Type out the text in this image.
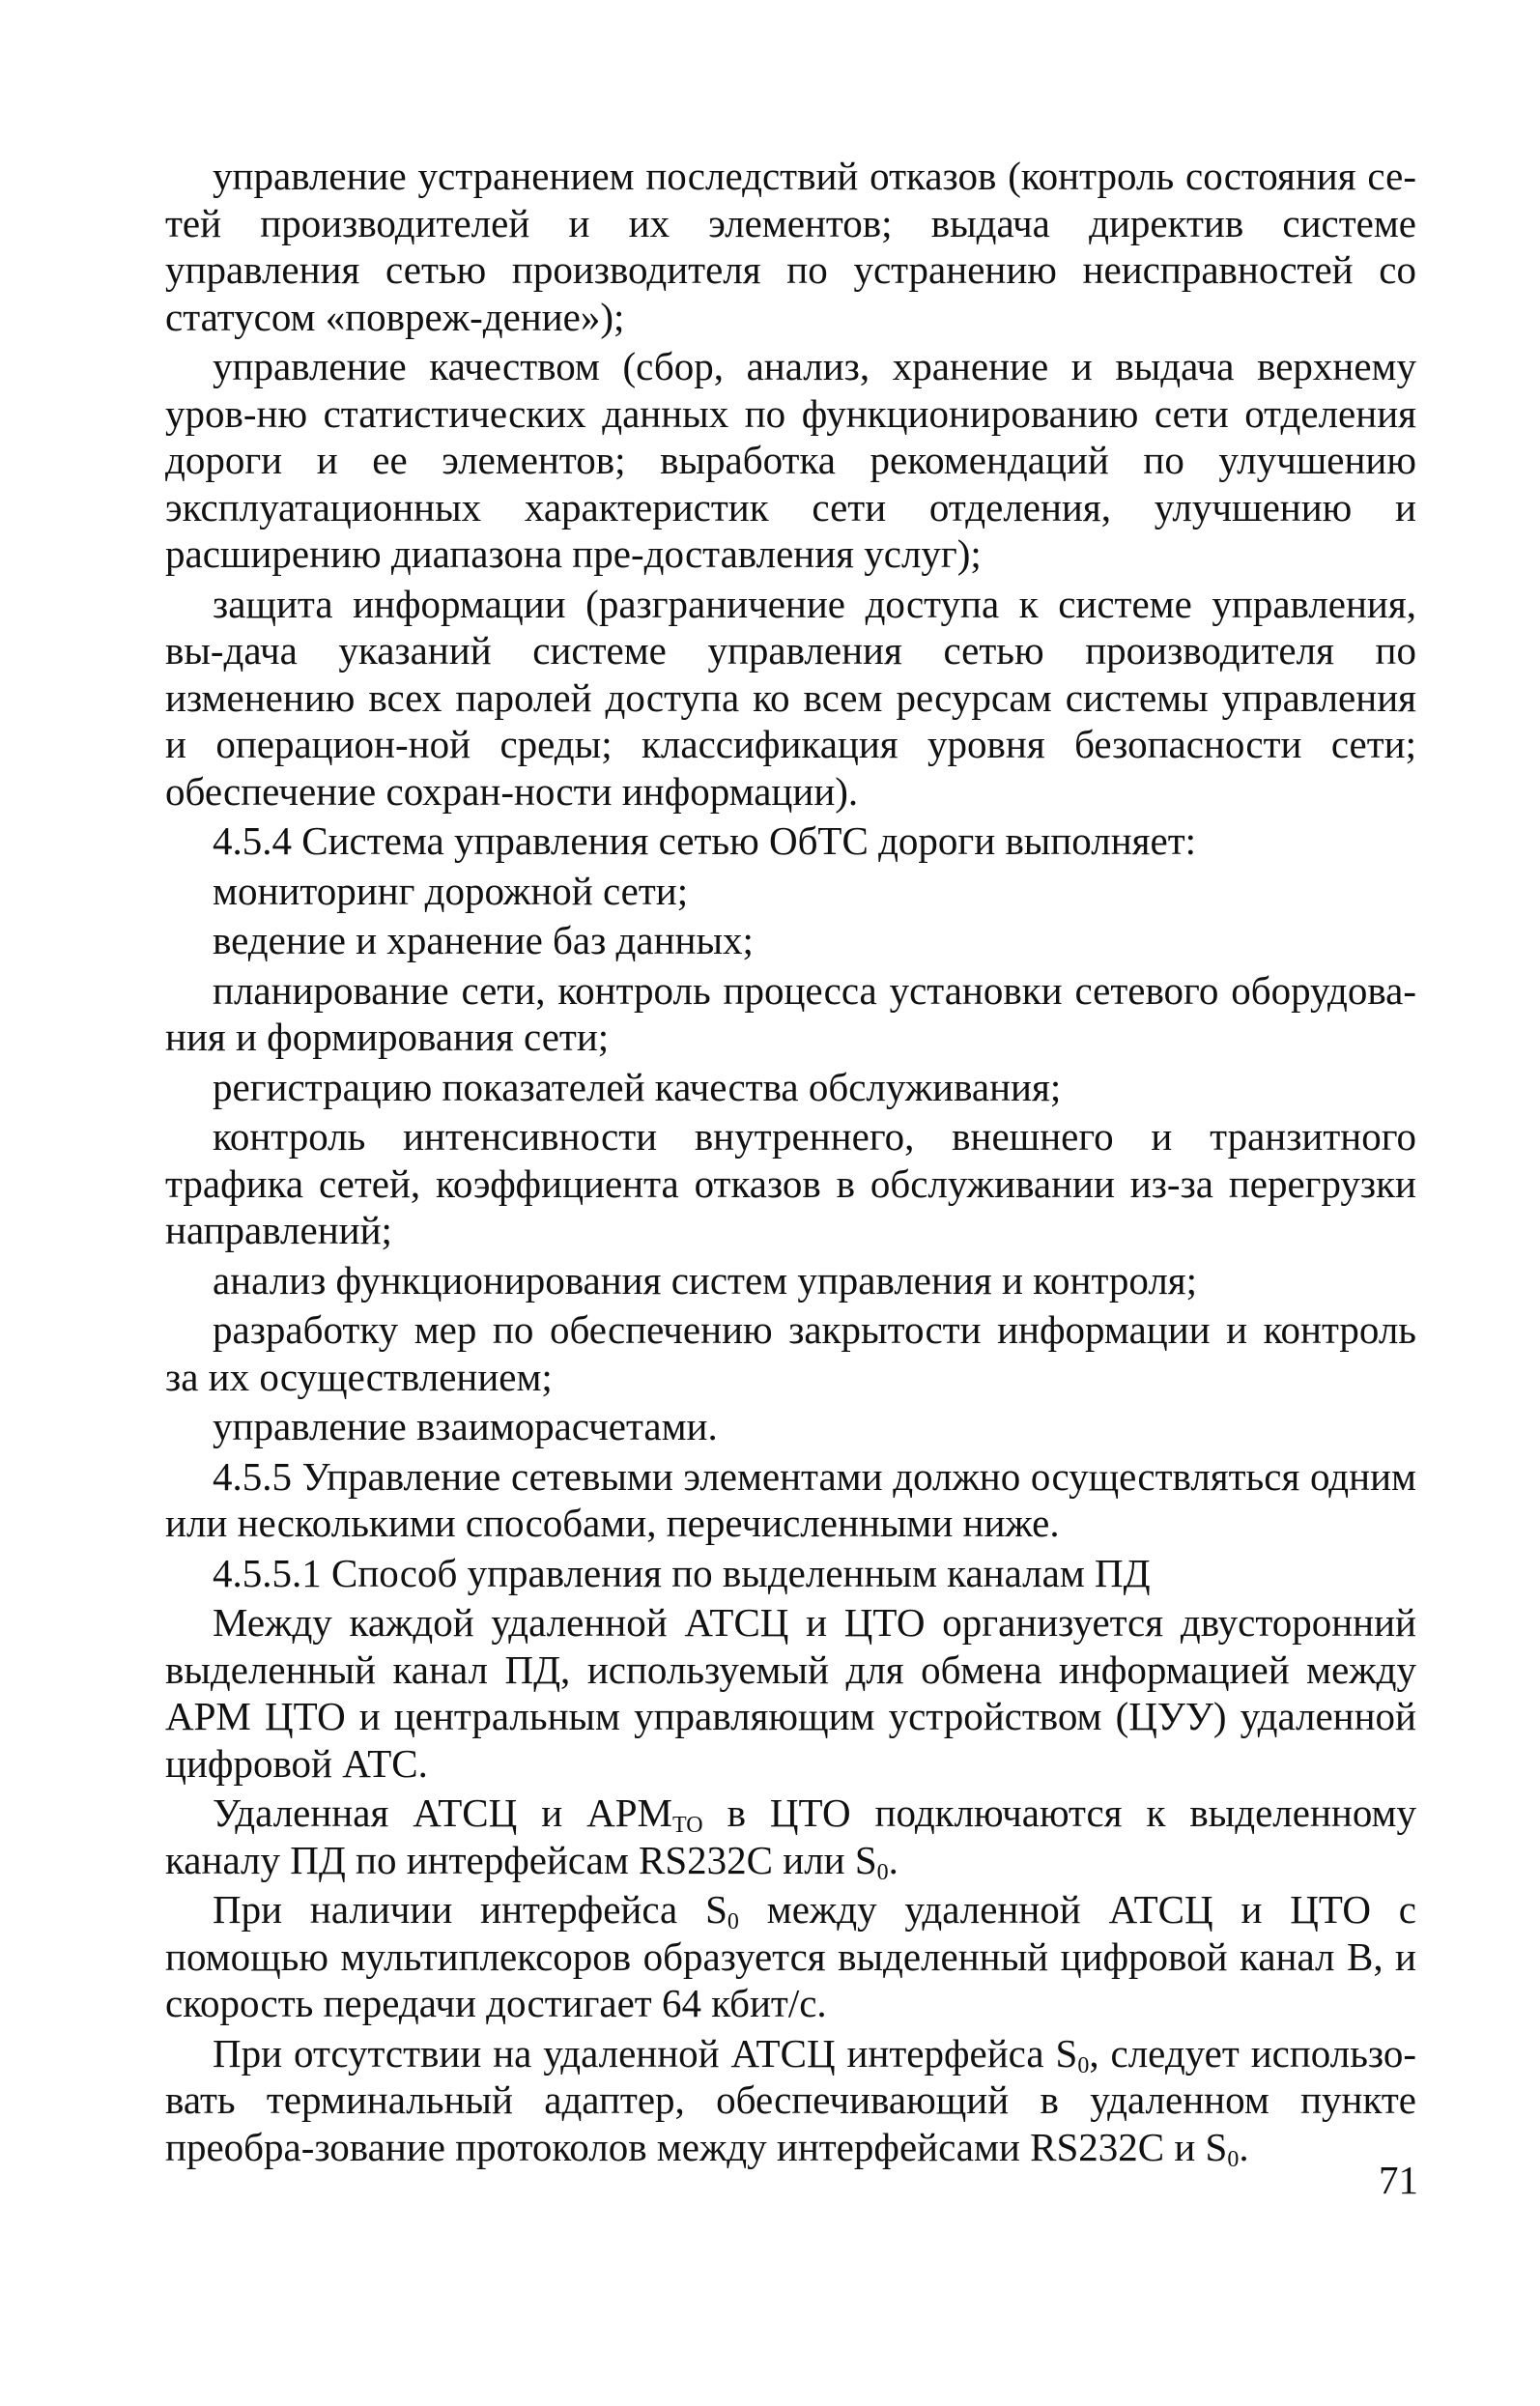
управление устранением последствий отказов (контроль состояния се-тей производителей и их элементов; выдача директив системе управления сетью производителя по устранению неисправностей со статусом «повреж-дение»);

управление качеством (сбор, анализ, хранение и выдача верхнему уров-ню статистических данных по функционированию сети отделения дороги и ее элементов; выработка рекомендаций по улучшению эксплуатационных характеристик сети отделения, улучшению и расширению диапазона пре-доставления услуг);

защита информации (разграничение доступа к системе управления, вы-дача указаний системе управления сетью производителя по изменению всех паролей доступа ко всем ресурсам системы управления и операцион-ной среды; классификация уровня безопасности сети; обеспечение сохран-ности информации).

4.5.4 Система управления сетью ОбТС дороги выполняет:

мониторинг дорожной сети;

ведение и хранение баз данных;

планирование сети, контроль процесса установки сетевого оборудова-ния и формирования сети;

регистрацию показателей качества обслуживания;

контроль интенсивности внутреннего, внешнего и транзитного трафика сетей, коэффициента отказов в обслуживании из-за перегрузки направлений;

анализ функционирования систем управления и контроля;

разработку мер по обеспечению закрытости информации и контроль за их осуществлением;

управление взаиморасчетами.

4.5.5 Управление сетевыми элементами должно осуществляться одним или несколькими способами, перечисленными ниже.

4.5.5.1 Способ управления по выделенным каналам ПД

Между каждой удаленной АТСЦ и ЦТО организуется двусторонний выделенный канал ПД, используемый для обмена информацией между АРМ ЦТО и центральным управляющим устройством (ЦУУ) удаленной цифровой АТС.

Удаленная АТСЦ и $АРМ_{ТО}$ в ЦТО подключаются к выделенному каналу ПД по интерфейсам RS232C или $S_0$.

При наличии интерфейса $S_0$ между удаленной АТСЦ и ЦТО с помощью мультиплексоров образуется выделенный цифровой канал В, и скорость передачи достигает 64 кбит/с.

При отсутствии на удаленной АТСЦ интерфейса $S_0$, следует использо-вать терминальный адаптер, обеспечивающий в удаленном пункте преобра-зование протоколов между интерфейсами RS232C и $S_0$.

71
